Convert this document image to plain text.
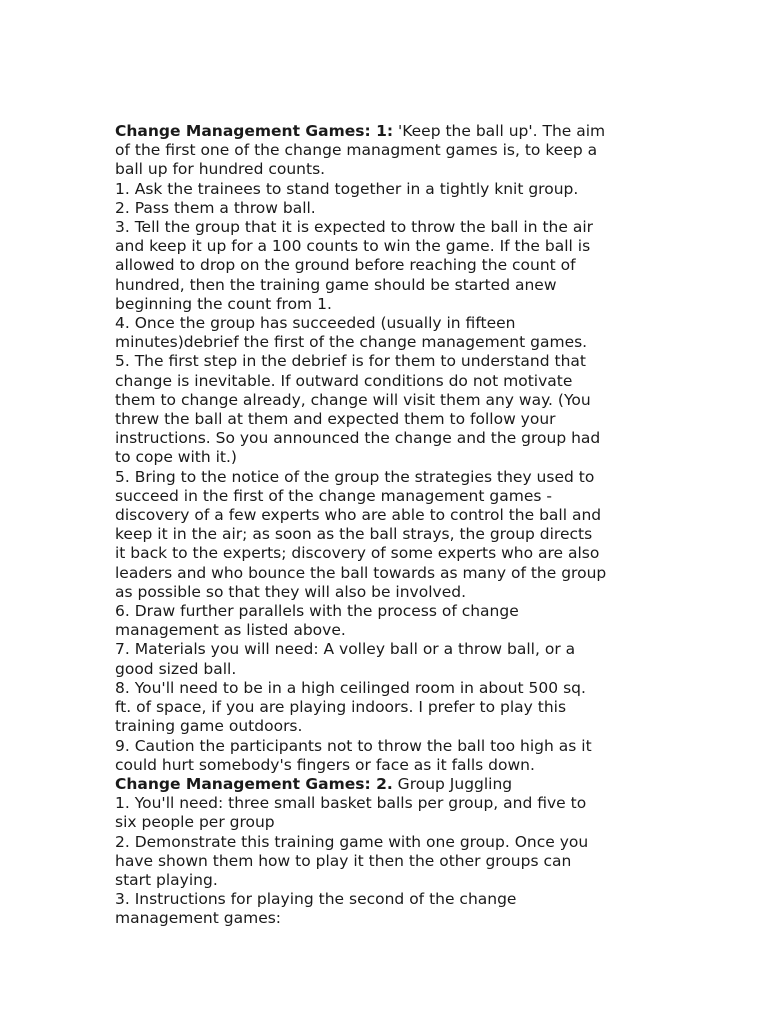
Change Management Games: 1: 'Keep the ball up'. The aim
of the first one of the change managment games is, to keep a
ball up for hundred counts.
1. Ask the trainees to stand together in a tightly knit group.
2. Pass them a throw ball.
3. Tell the group that it is expected to throw the ball in the air
and keep it up for a 100 counts to win the game. If the ball is
allowed to drop on the ground before reaching the count of
hundred, then the training game should be started anew
beginning the count from 1.
4. Once the group has succeeded (usually in fifteen
minutes)debrief the first of the change management games.
5. The first step in the debrief is for them to understand that
change is inevitable. If outward conditions do not motivate
them to change already, change will visit them any way. (You
threw the ball at them and expected them to follow your
instructions. So you announced the change and the group had
to cope with it.)
5. Bring to the notice of the group the strategies they used to
succeed in the first of the change management games -
discovery of a few experts who are able to control the ball and
keep it in the air; as soon as the ball strays, the group directs
it back to the experts; discovery of some experts who are also
leaders and who bounce the ball towards as many of the group
as possible so that they will also be involved.
6. Draw further parallels with the process of change
management as listed above.
7. Materials you will need: A volley ball or a throw ball, or a
good sized ball.
8. You'll need to be in a high ceilinged room in about 500 sq.
ft. of space, if you are playing indoors. I prefer to play this
training game outdoors.
9. Caution the participants not to throw the ball too high as it
could hurt somebody's fingers or face as it falls down.
Change Management Games: 2. Group Juggling
1. You'll need: three small basket balls per group, and five to
six people per group
2. Demonstrate this training game with one group. Once you
have shown them how to play it then the other groups can
start playing.
3. Instructions for playing the second of the change
management games:
